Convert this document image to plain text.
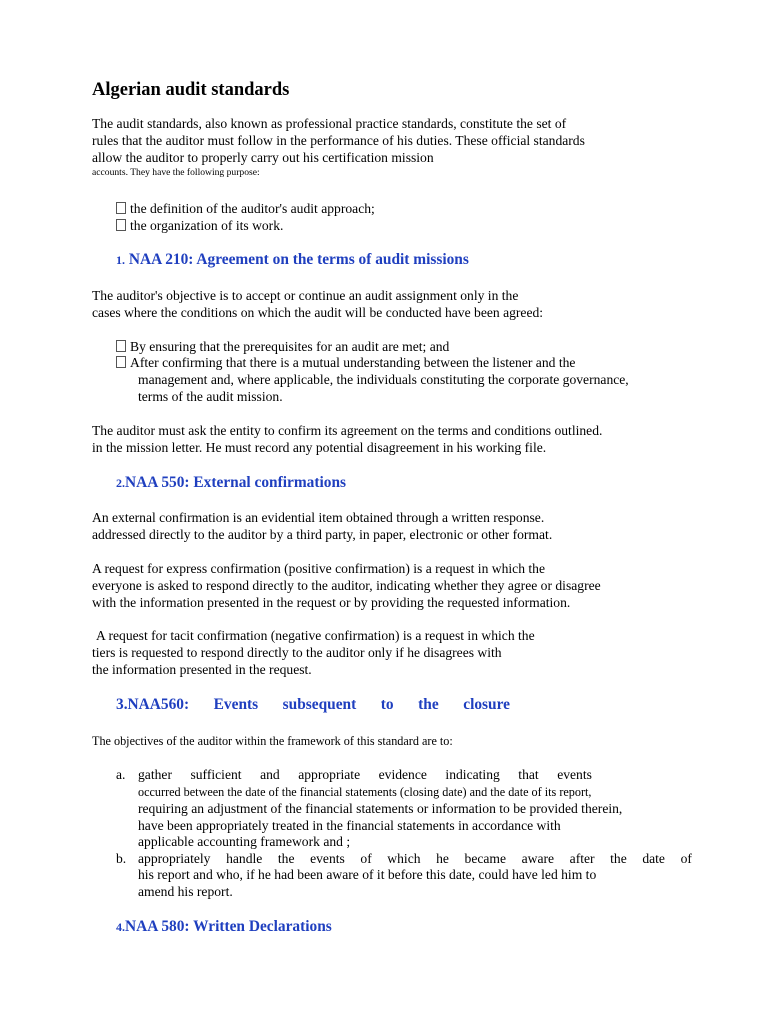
Algerian audit standards
The audit standards, also known as professional practice standards, constitute the set of
rules that the auditor must follow in the performance of his duties. These official standards
allow the auditor to properly carry out his certification mission
accounts. They have the following purpose:
the definition of the auditor's audit approach;
the organization of its work.
1. NAA 210: Agreement on the terms of audit missions
The auditor's objective is to accept or continue an audit assignment only in the
cases where the conditions on which the audit will be conducted have been agreed:
By ensuring that the prerequisites for an audit are met; and
After confirming that there is a mutual understanding between the listener and the
management and, where applicable, the individuals constituting the corporate governance,
terms of the audit mission.
The auditor must ask the entity to confirm its agreement on the terms and conditions outlined.
in the mission letter. He must record any potential disagreement in his working file.
2.NAA 550: External confirmations
An external confirmation is an evidential item obtained through a written response.
addressed directly to the auditor by a third party, in paper, electronic or other format.
A request for express confirmation (positive confirmation) is a request in which the
everyone is asked to respond directly to the auditor, indicating whether they agree or disagree
with the information presented in the request or by providing the requested information.
A request for tacit confirmation (negative confirmation) is a request in which the
tiers is requested to respond directly to the auditor only if he disagrees with
the information presented in the request.
3.NAA560: Events subsequent to the closure
The objectives of the auditor within the framework of this standard are to:
a. gather sufficient and appropriate evidence indicating that events
occurred between the date of the financial statements (closing date) and the date of its report,
requiring an adjustment of the financial statements or information to be provided therein,
have been appropriately treated in the financial statements in accordance with
applicable accounting framework and ;
b. appropriately handle the events of which he became aware after the date of
his report and who, if he had been aware of it before this date, could have led him to
amend his report.
4.NAA 580: Written Declarations
